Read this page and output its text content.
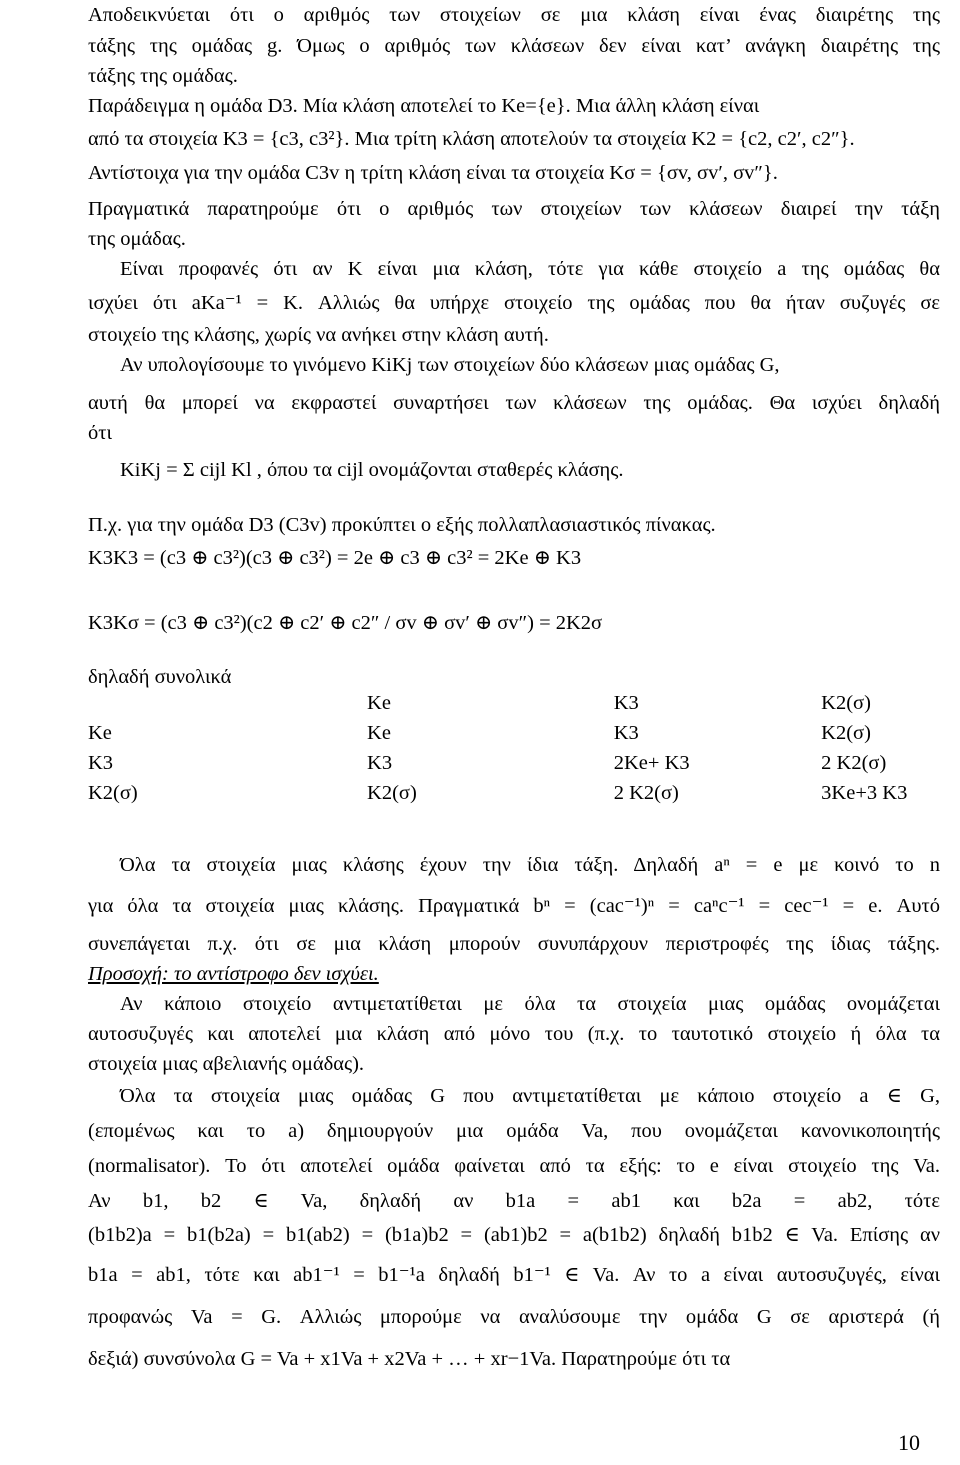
Αποδεικνύεται ότι ο αριθμός των στοιχείων σε μια κλάση είναι ένας διαιρέτης της
τάξης της ομάδας g. Όμως ο αριθμός των κλάσεων δεν είναι κατ’ ανάγκη διαιρέτης της
τάξης της ομάδας.
Παράδειγμα η ομάδα D3. Μία κλάση αποτελεί το Ke={e}. Μια άλλη κλάση είναι
από τα στοιχεία K3 = {c3, c3²}. Μια τρίτη κλάση αποτελούν τα στοιχεία K2 = {c2, c2′, c2″}.
Αντίστοιχα για την ομάδα C3v η τρίτη κλάση είναι τα στοιχεία Kσ = {σv, σv′, σv″}.
Πραγματικά παρατηρούμε ότι ο αριθμός των στοιχείων των κλάσεων διαιρεί την τάξη
της ομάδας.
Είναι προφανές ότι αν K είναι μια κλάση, τότε για κάθε στοιχείο a της ομάδας θα
ισχύει ότι aKa⁻¹ = K. Αλλιώς θα υπήρχε στοιχείο της ομάδας που θα ήταν συζυγές σε
στοιχείο της κλάσης, χωρίς να ανήκει στην κλάση αυτή.
Αν υπολογίσουμε το γινόμενο KiKj των στοιχείων δύο κλάσεων μιας ομάδας G,
αυτή θα μπορεί να εκφραστεί συναρτήσει των κλάσεων της ομάδας. Θα ισχύει δηλαδή
ότι
KiKj = Σ cijl Kl , όπου τα cijl ονομάζονται σταθερές κλάσης.
Π.χ. για την ομάδα D3 (C3v) προκύπτει ο εξής πολλαπλασιαστικός πίνακας.
K3K3 = (c3 ⊕ c3²)(c3 ⊕ c3²) = 2e ⊕ c3 ⊕ c3² = 2Ke ⊕ K3
K3Kσ = (c3 ⊕ c3²)(c2 ⊕ c2′ ⊕ c2″ / σv ⊕ σv′ ⊕ σv″) = 2K2σ
δηλαδή συνολικά
	Ke	K3	K2(σ)
Ke	Ke	K3	K2(σ)
K3	K3	2Ke+ K3	2 K2(σ)
K2(σ)	K2(σ)	2 K2(σ)	3Ke+3 K3
Όλα τα στοιχεία μιας κλάσης έχουν την ίδια τάξη. Δηλαδή aⁿ = e με κοινό το n
για όλα τα στοιχεία μιας κλάσης. Πραγματικά bⁿ = (cac⁻¹)ⁿ = caⁿc⁻¹ = cec⁻¹ = e. Αυτό
συνεπάγεται π.χ. ότι σε μια κλάση μπορούν συνυπάρχουν περιστροφές της ίδιας τάξης.
Προσοχή: το αντίστροφο δεν ισχύει.
Αν κάποιο στοιχείο αντιμετατίθεται με όλα τα στοιχεία μιας ομάδας ονομάζεται
αυτοσυζυγές και αποτελεί μια κλάση από μόνο του (π.χ. το ταυτοτικό στοιχείο ή όλα τα
στοιχεία μιας αβελιανής ομάδας).
Όλα τα στοιχεία μιας ομάδας G που αντιμετατίθεται με κάποιο στοιχείο a ∈ G,
(επομένως και το a) δημιουργούν μια ομάδα Va, που ονομάζεται κανονικοποιητής
(normalisator). Το ότι αποτελεί ομάδα φαίνεται από τα εξής: το e είναι στοιχείο της Va.
Αν b1, b2 ∈ Va, δηλαδή αν b1a = ab1 και b2a = ab2, τότε
(b1b2)a = b1(b2a) = b1(ab2) = (b1a)b2 = (ab1)b2 = a(b1b2) δηλαδή b1b2 ∈ Va. Επίσης αν
b1a = ab1, τότε και ab1⁻¹ = b1⁻¹a δηλαδή b1⁻¹ ∈ Va. Αν το a είναι αυτοσυζυγές, είναι
προφανώς Va = G. Αλλιώς μπορούμε να αναλύσουμε την ομάδα G σε αριστερά (ή
δεξιά) συνσύνολα G = Va + x1Va + x2Va + … + xr−1Va. Παρατηρούμε ότι τα
10
